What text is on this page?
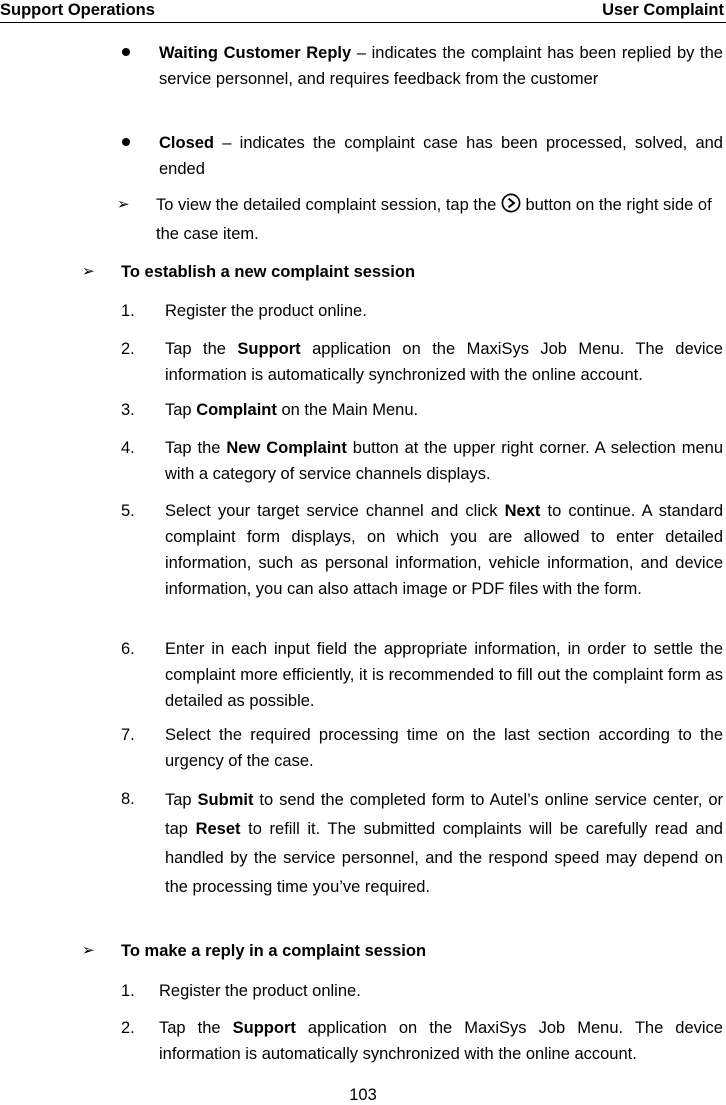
Support Operations	User Complaint
Waiting Customer Reply – indicates the complaint has been replied by the service personnel, and requires feedback from the customer
Closed – indicates the complaint case has been processed, solved, and ended
➢ To view the detailed complaint session, tap the  button on the right side of the case item.
➢ To establish a new complaint session
1. Register the product online.
2. Tap the Support application on the MaxiSys Job Menu. The device information is automatically synchronized with the online account.
3. Tap Complaint on the Main Menu.
4. Tap the New Complaint button at the upper right corner. A selection menu with a category of service channels displays.
5. Select your target service channel and click Next to continue. A standard complaint form displays, on which you are allowed to enter detailed information, such as personal information, vehicle information, and device information, you can also attach image or PDF files with the form.
6. Enter in each input field the appropriate information, in order to settle the complaint more efficiently, it is recommended to fill out the complaint form as detailed as possible.
7. Select the required processing time on the last section according to the urgency of the case.
8. Tap Submit to send the completed form to Autel’s online service center, or tap Reset to refill it. The submitted complaints will be carefully read and handled by the service personnel, and the respond speed may depend on the processing time you’ve required.
➢ To make a reply in a complaint session
1. Register the product online.
2. Tap the Support application on the MaxiSys Job Menu. The device information is automatically synchronized with the online account.
103
